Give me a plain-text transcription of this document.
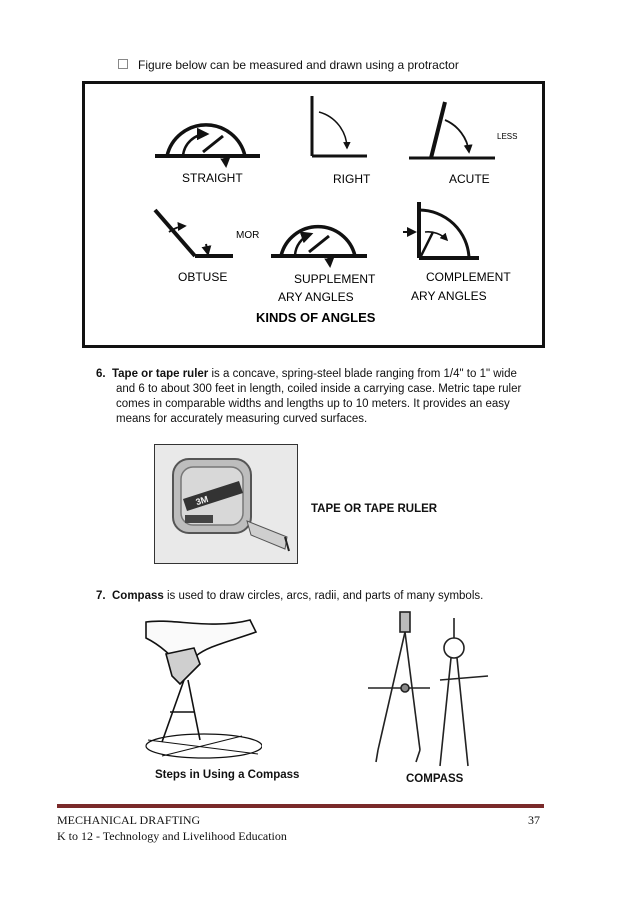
Figure below can be measured and drawn using a protractor
STRAIGHT	RIGHT	ACUTE
LESS
MOR
OBTUSE	SUPPLEMENT
ARY ANGLES
COMPLEMENT
ARY ANGLES
KINDS OF ANGLES
6. Tape or tape ruler is a concave, spring-steel blade ranging from 1/4" to 1" wide
and 6 to about 300 feet in length, coiled inside a carrying case. Metric tape ruler
comes in comparable widths and lengths up to 10 meters. It provides an easy
means for accurately measuring curved surfaces.
3M
TAPE OR TAPE RULER
7. Compass is used to draw circles, arcs, radii, and parts of many symbols.
Steps in Using a Compass	COMPASS
MECHANICAL DRAFTING
K to 12 - Technology and Livelihood Education
37
